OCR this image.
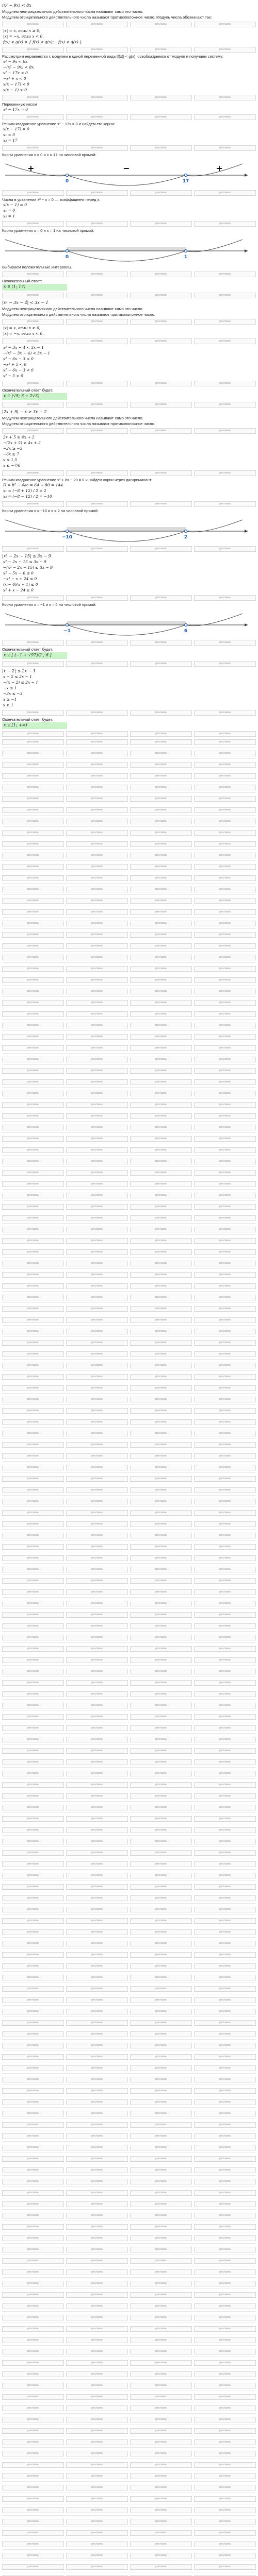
(x² − 9x) < 8x
Модулем неотрицательного действительного числа называют само это число.
Модулем отрицательного действительного числа называют противоположное число. Модуль числа обозначают так:
реклама	реклама	реклама	реклама
|x| = x, если x ≥ 0;
|x| = −x, если x < 0.
f(x) < g(x) ⇔ { f(x) < g(x); −f(x) < g(x) }
реклама	реклама	реклама	реклама
Рассмотрим неравенство с модулем в одной переменной вида |f(x)| < g(x), освобождаемся от модуля и получаем систему:
x² − 9x < 8x
−(x² − 9x) < 8x
x² − 17x < 0
−x² + x < 0
x(x − 17) < 0
x(x − 1) > 0
реклама	реклама	реклама	реклама
Переменную иксом
x² − 17x = 0
реклама	реклама	реклама	реклама
Решим квадратное уравнение x² − 17x = 0 и найдём его корни:
x(x − 17) = 0
x₁ = 0
x₂ = 17
реклама	реклама	реклама	реклама
Корни уравнения x = 0 и x = 17 на числовой прямой:
0	17
+	−	+
реклама	реклама	реклама	реклама
Числа в уравнении x² − x = 0 — коэффициент перед x.
x(x − 1) = 0
x₁ = 0
x₂ = 1
реклама	реклама	реклама	реклама
Корни уравнения x = 0 и x = 1 на числовой прямой:
0	1
Выбираем положительные интервалы.
реклама	реклама	реклама	реклама
Окончательный ответ:
x ∈ (1; 17)
реклама	реклама	реклама	реклама
|x² − 3x − 4| < 3x − 1
Модулем неотрицательного действительного числа называют само это число.
Модулем отрицательного действительного числа называют противоположное число.
реклама	реклама	реклама	реклама
|x| = x, если x ≥ 0;
|x| = −x, если x < 0.
реклама	реклама	реклама	реклама
x² − 3x − 4 < 3x − 1
−(x² − 3x − 4) < 3x − 1
x² − 6x − 3 < 0
−x² + 5 < 0
x² − 6x − 3 < 0
x² − 5 > 0
реклама	реклама	реклама	реклама
Окончательный ответ будет:
x ∈ (√5; 3 + 2√3)
реклама	реклама	реклама	реклама
|2x + 5| − x ≥ 3x + 2
Модулем неотрицательного действительного числа называют само это число.
Модулем отрицательного действительного числа называют противоположное число.
реклама	реклама	реклама	реклама
2x + 5 ≥ 4x + 2
−(2x + 5) ≥ 4x + 2
−2x ≥ −3
−6x ≥ 7
x ≤ 1,5
x ≤ −7/6
реклама	реклама	реклама	реклама
Решим квадратное уравнение x² + 8x − 20 = 0 и найдём корни через дискриминант:
D = b² − 4ac = 64 + 80 = 144
x₁ = (−8 + 12) / 2 = 2
x₂ = (−8 − 12) / 2 = −10
реклама	реклама	реклама	реклама
Корни уравнения x = −10 и x = 2 на числовой прямой:
−10	2
реклама	реклама	реклама	реклама
|x² − 2x − 15| ≤ 3x − 9
x² − 2x − 15 ≤ 3x − 9
−(x² − 2x − 15) ≤ 3x − 9
x² − 5x − 6 ≤ 0
−x² − x + 24 ≤ 0
(x − 6)(x + 1) ≤ 0
x² + x − 24 ≥ 0
реклама	реклама	реклама	реклама
Корни уравнения x = −1 и x = 6 на числовой прямой:
−1	6
реклама	реклама	реклама	реклама
Окончательный ответ будет:
x ∈ [ (−1 + √97)/2 ; 6 ]
реклама	реклама	реклама	реклама
|x − 2| ≤ 2x − 1
x − 2 ≤ 2x − 1
−(x − 2) ≤ 2x − 1
−x ≤ 1
−3x ≤ −3
x ≥ −1
x ≥ 1
реклама	реклама	реклама	реклама
Окончательный ответ будет:
x ∈ [1; +∞)
реклама	реклама	реклама	реклама
реклама	реклама	реклама	реклама
реклама	реклама	реклама	реклама
реклама	реклама	реклама	реклама
реклама	реклама	реклама	реклама
реклама	реклама	реклама	реклама
реклама	реклама	реклама	реклама
реклама	реклама	реклама	реклама
реклама	реклама	реклама	реклама
реклама	реклама	реклама	реклама
реклама	реклама	реклама	реклама
реклама	реклама	реклама	реклама
реклама	реклама	реклама	реклама
реклама	реклама	реклама	реклама
реклама	реклама	реклама	реклама
реклама	реклама	реклама	реклама
реклама	реклама	реклама	реклама
реклама	реклама	реклама	реклама
реклама	реклама	реклама	реклама
реклама	реклама	реклама	реклама
реклама	реклама	реклама	реклама
реклама	реклама	реклама	реклама
реклама	реклама	реклама	реклама
реклама	реклама	реклама	реклама
реклама	реклама	реклама	реклама
реклама	реклама	реклама	реклама
реклама	реклама	реклама	реклама
реклама	реклама	реклама	реклама
реклама	реклама	реклама	реклама
реклама	реклама	реклама	реклама
реклама	реклама	реклама	реклама
реклама	реклама	реклама	реклама
реклама	реклама	реклама	реклама
реклама	реклама	реклама	реклама
реклама	реклама	реклама	реклама
реклама	реклама	реклама	реклама
реклама	реклама	реклама	реклама
реклама	реклама	реклама	реклама
реклама	реклама	реклама	реклама
реклама	реклама	реклама	реклама
реклама	реклама	реклама	реклама
реклама	реклама	реклама	реклама
реклама	реклама	реклама	реклама
реклама	реклама	реклама	реклама
реклама	реклама	реклама	реклама
реклама	реклама	реклама	реклама
реклама	реклама	реклама	реклама
реклама	реклама	реклама	реклама
реклама	реклама	реклама	реклама
реклама	реклама	реклама	реклама
реклама	реклама	реклама	реклама
реклама	реклама	реклама	реклама
реклама	реклама	реклама	реклама
реклама	реклама	реклама	реклама
реклама	реклама	реклама	реклама
реклама	реклама	реклама	реклама
реклама	реклама	реклама	реклама
реклама	реклама	реклама	реклама
реклама	реклама	реклама	реклама
реклама	реклама	реклама	реклама
реклама	реклама	реклама	реклама
реклама	реклама	реклама	реклама
реклама	реклама	реклама	реклама
реклама	реклама	реклама	реклама
реклама	реклама	реклама	реклама
реклама	реклама	реклама	реклама
реклама	реклама	реклама	реклама
реклама	реклама	реклама	реклама
реклама	реклама	реклама	реклама
реклама	реклама	реклама	реклама
реклама	реклама	реклама	реклама
реклама	реклама	реклама	реклама
реклама	реклама	реклама	реклама
реклама	реклама	реклама	реклама
реклама	реклама	реклама	реклама
реклама	реклама	реклама	реклама
реклама	реклама	реклама	реклама
реклама	реклама	реклама	реклама
реклама	реклама	реклама	реклама
реклама	реклама	реклама	реклама
реклама	реклама	реклама	реклама
реклама	реклама	реклама	реклама
реклама	реклама	реклама	реклама
реклама	реклама	реклама	реклама
реклама	реклама	реклама	реклама
реклама	реклама	реклама	реклама
реклама	реклама	реклама	реклама
реклама	реклама	реклама	реклама
реклама	реклама	реклама	реклама
реклама	реклама	реклама	реклама
реклама	реклама	реклама	реклама
реклама	реклама	реклама	реклама
реклама	реклама	реклама	реклама
реклама	реклама	реклама	реклама
реклама	реклама	реклама	реклама
реклама	реклама	реклама	реклама
реклама	реклама	реклама	реклама
реклама	реклама	реклама	реклама
реклама	реклама	реклама	реклама
реклама	реклама	реклама	реклама
реклама	реклама	реклама	реклама
реклама	реклама	реклама	реклама
реклама	реклама	реклама	реклама
реклама	реклама	реклама	реклама
реклама	реклама	реклама	реклама
реклама	реклама	реклама	реклама
реклама	реклама	реклама	реклама
реклама	реклама	реклама	реклама
реклама	реклама	реклама	реклама
реклама	реклама	реклама	реклама
реклама	реклама	реклама	реклама
реклама	реклама	реклама	реклама
реклама	реклама	реклама	реклама
реклама	реклама	реклама	реклама
реклама	реклама	реклама	реклама
реклама	реклама	реклама	реклама
реклама	реклама	реклама	реклама
реклама	реклама	реклама	реклама
реклама	реклама	реклама	реклама
реклама	реклама	реклама	реклама
реклама	реклама	реклама	реклама
реклама	реклама	реклама	реклама
реклама	реклама	реклама	реклама
реклама	реклама	реклама	реклама
реклама	реклама	реклама	реклама
реклама	реклама	реклама	реклама
реклама	реклама	реклама	реклама
реклама	реклама	реклама	реклама
реклама	реклама	реклама	реклама
реклама	реклама	реклама	реклама
реклама	реклама	реклама	реклама
реклама	реклама	реклама	реклама
реклама	реклама	реклама	реклама
реклама	реклама	реклама	реклама
реклама	реклама	реклама	реклама
реклама	реклама	реклама	реклама
реклама	реклама	реклама	реклама
реклама	реклама	реклама	реклама
реклама	реклама	реклама	реклама
реклама	реклама	реклама	реклама
реклама	реклама	реклама	реклама
реклама	реклама	реклама	реклама
реклама	реклама	реклама	реклама
реклама	реклама	реклама	реклама
реклама	реклама	реклама	реклама
реклама	реклама	реклама	реклама
реклама	реклама	реклама	реклама
реклама	реклама	реклама	реклама
реклама	реклама	реклама	реклама
реклама	реклама	реклама	реклама
реклама	реклама	реклама	реклама
реклама	реклама	реклама	реклама
реклама	реклама	реклама	реклама
реклама	реклама	реклама	реклама
реклама	реклама	реклама	реклама
реклама	реклама	реклама	реклама
реклама	реклама	реклама	реклама
реклама	реклама	реклама	реклама
реклама	реклама	реклама	реклама
реклама	реклама	реклама	реклама
реклама	реклама	реклама	реклама
реклама	реклама	реклама	реклама
реклама	реклама	реклама	реклама
